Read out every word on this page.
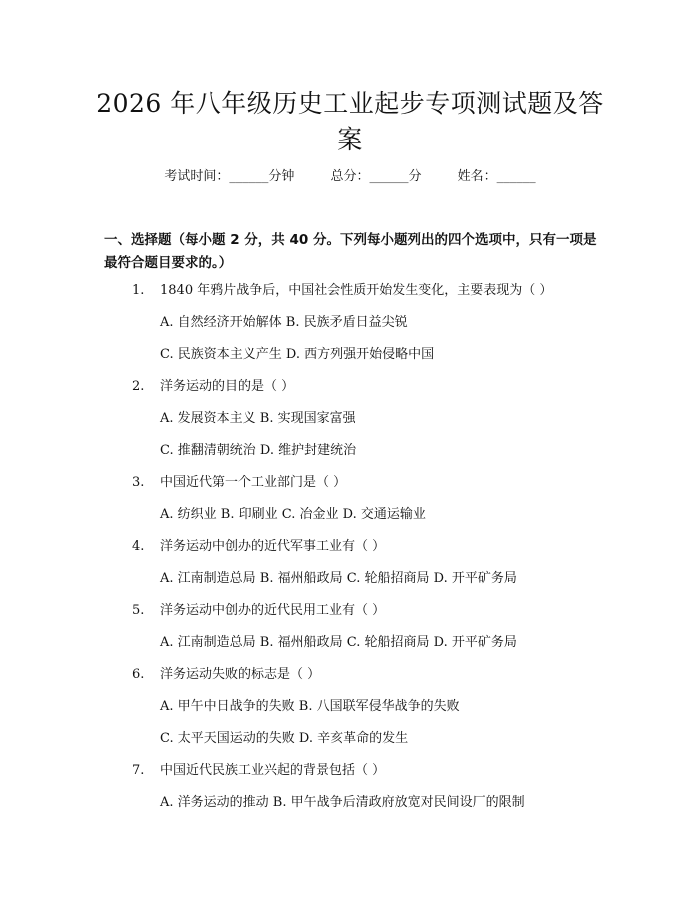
2026 年八年级历史工业起步专项测试题及答
案
考试时间：______分钟	总分：______分	姓名：______
一、选择题（每小题 2 分，共 40 分。下列每小题列出的四个选项中，只有一项是最符合题目要求的。）
1. 1840 年鸦片战争后，中国社会性质开始发生变化，主要表现为（ ）
A. 自然经济开始解体 B. 民族矛盾日益尖锐
C. 民族资本主义产生 D. 西方列强开始侵略中国
2. 洋务运动的目的是（ ）
A. 发展资本主义 B. 实现国家富强
C. 推翻清朝统治 D. 维护封建统治
3. 中国近代第一个工业部门是（ ）
A. 纺织业 B. 印刷业 C. 冶金业 D. 交通运输业
4. 洋务运动中创办的近代军事工业有（ ）
A. 江南制造总局 B. 福州船政局 C. 轮船招商局 D. 开平矿务局
5. 洋务运动中创办的近代民用工业有（ ）
A. 江南制造总局 B. 福州船政局 C. 轮船招商局 D. 开平矿务局
6. 洋务运动失败的标志是（ ）
A. 甲午中日战争的失败 B. 八国联军侵华战争的失败
C. 太平天国运动的失败 D. 辛亥革命的发生
7. 中国近代民族工业兴起的背景包括（ ）
A. 洋务运动的推动 B. 甲午战争后清政府放宽对民间设厂的限制
